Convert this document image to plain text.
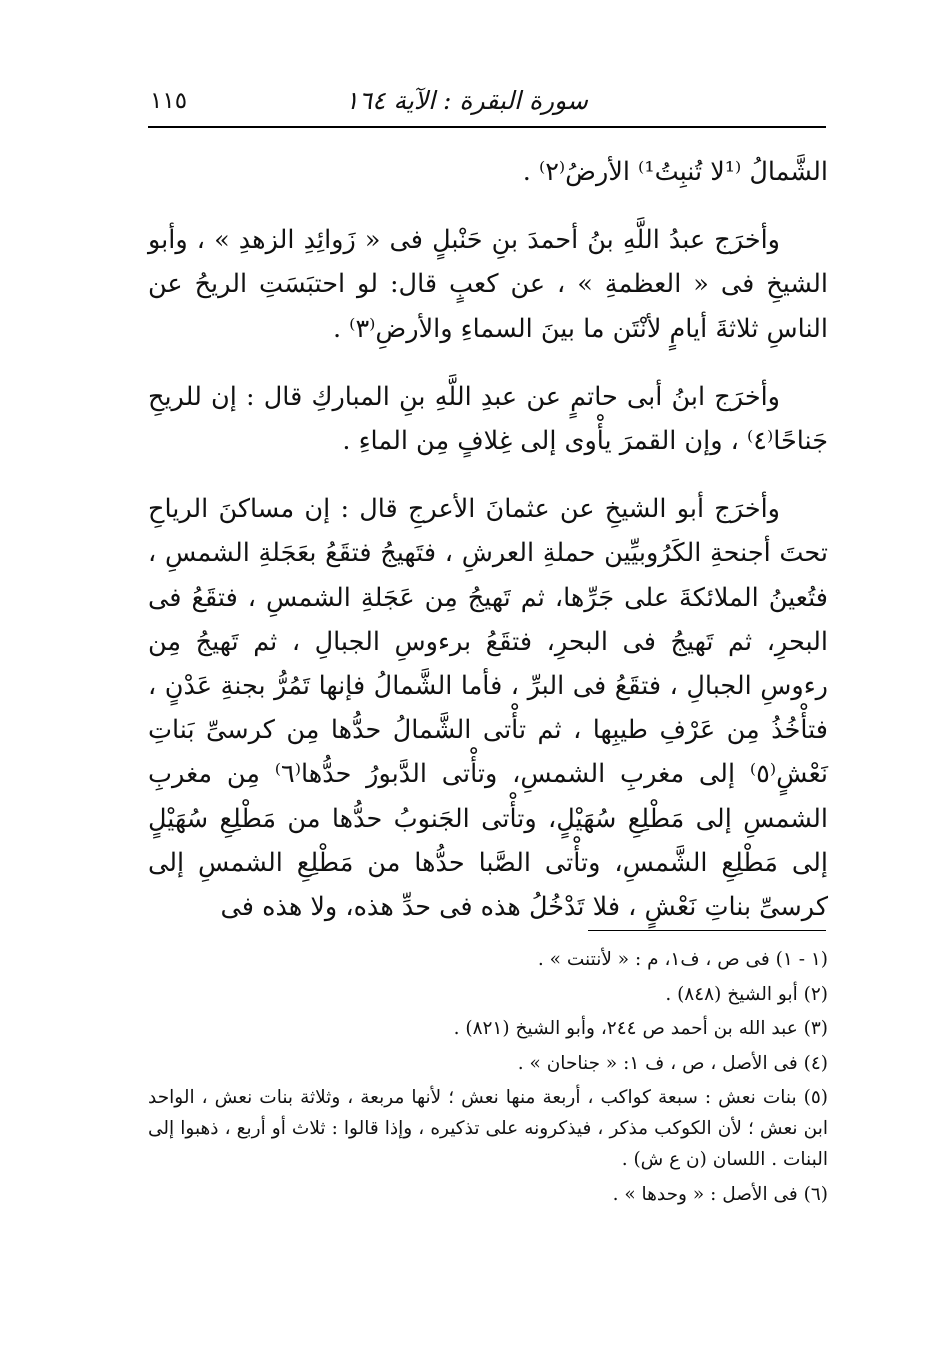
سورة البقرة : الآية ١٦٤
١١٥

الشَّمالُ ⁽¹لا تُنبِتُ¹⁾ الأرضُ⁽٢⁾ .

وأخرَج عبدُ اللَّهِ بنُ أحمدَ بنِ حَنْبلٍ فى « زَوائِدِ الزهدِ » ، وأبو الشيخِ فى « العظمةِ » ، عن كعبٍ قال: لو احتبَسَتِ الريحُ عن الناسِ ثلاثةَ أيامٍ لأنْتَن ما بينَ السماءِ والأرضِ⁽٣⁾ .

وأخرَج ابنُ أبى حاتمٍ عن عبدِ اللَّهِ بنِ المباركِ قال : إن للريحِ جَناحًا⁽٤⁾ ، وإن القمرَ يأْوى إلى غِلافٍ مِن الماءِ .

وأخرَج أبو الشيخِ عن عثمانَ الأعرجِ قال : إن مساكنَ الرياحِ تحتَ أجنحةِ الكَرُوبيِّين حملةِ العرشِ ، فتَهيجُ فتقَعُ بعَجَلةِ الشمسِ ، فتُعينُ الملائكةَ على جَرِّها، ثم تَهيجُ مِن عَجَلةِ الشمسِ ، فتقَعُ فى البحرِ، ثم تَهيجُ فى البحرِ، فتقَعُ برءوسِ الجبالِ ، ثم تَهيجُ مِن رءوسِ الجبالِ ، فتقَعُ فى البرِّ ، فأما الشَّمالُ فإنها تَمُرُّ بجنةِ عَدْنٍ ، فتأْخُذُ مِن عَرْفِ طيبِها ، ثم تأْتى الشَّمالُ حدُّها مِن كرسىِّ بَناتِ نَعْشٍ⁽٥⁾ إلى مغربِ الشمسِ، وتأْتى الدَّبورُ حدُّها⁽٦⁾ مِن مغربِ الشمسِ إلى مَطْلِعِ سُهَيْلٍ، وتأْتى الجَنوبُ حدُّها من مَطْلِعِ سُهَيْلٍ إلى مَطْلِعِ الشَّمسِ، وتأْتى الصَّبا حدُّها من مَطْلِعِ الشمسِ إلى كرسىِّ بناتِ نَعْشٍ ، فلا تَدْخُلُ هذه فى حدِّ هذه، ولا هذه فى

(١ - ١) فى ص ، ف١، م : « لأنتنت » .

(٢) أبو الشيخ (٨٤٨) .

(٣) عبد الله بن أحمد ص ٢٤٤، وأبو الشيخ (٨٢١) .

(٤) فى الأصل ، ص ، ف ١: « جناحان » .

(٥) بنات نعش : سبعة كواكب ، أربعة منها نعش ؛ لأنها مربعة ، وثلاثة بنات نعش ، الواحد ابن نعش ؛ لأن الكوكب مذكر ، فيذكرونه على تذكيره ، وإذا قالوا : ثلاث أو أربع ، ذهبوا إلى البنات . اللسان (ن ع ش) .

(٦) فى الأصل : « وحدها » .
